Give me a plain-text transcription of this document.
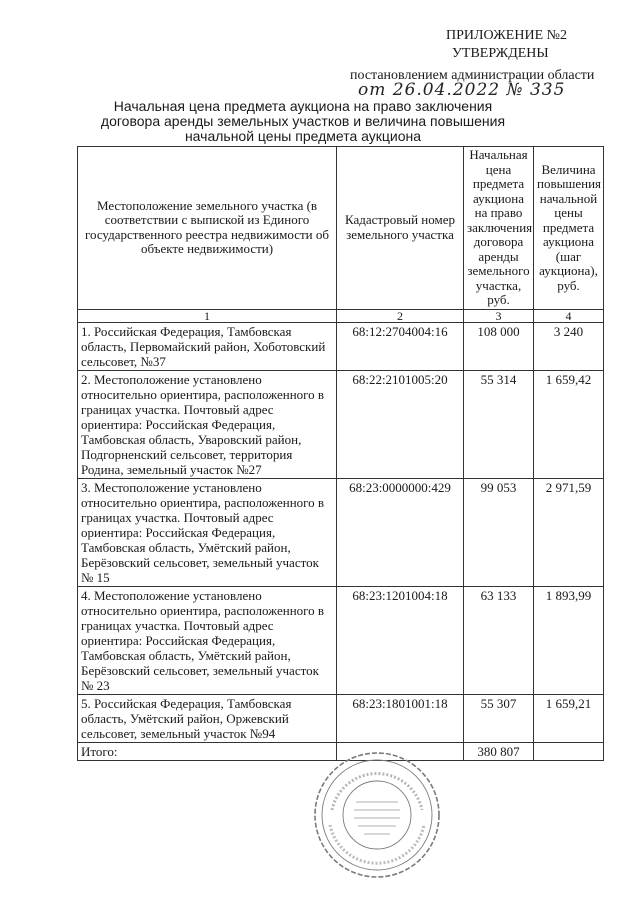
ПРИЛОЖЕНИЕ №2
УТВЕРЖДЕНЫ
постановлением администрации области
от 26.04.2022 № 335
Начальная цена предмета аукциона на право заключения договора аренды земельных участков и величина повышения начальной цены предмета аукциона
Местоположение земельного участка (в соответствии с выпиской из Единого государственного реестра недвижимости об объекте недвижимости)	Кадастровый номер земельного участка	Начальная цена предмета аукциона на право заключения договора аренды земельного участка, руб.	Величина повышения начальной цены предмета аукциона (шаг аукциона), руб.
1	2	3	4
1. Российская Федерация, Тамбовская область, Первомайский район, Хоботовский сельсовет, №37	68:12:2704004:16	108 000	3 240
2. Местоположение установлено относительно ориентира, расположенного в границах участка. Почтовый адрес ориентира: Российская Федерация, Тамбовская область, Уваровский район, Подгорненский сельсовет, территория Родина, земельный участок №27	68:22:2101005:20	55 314	1 659,42
3. Местоположение установлено относительно ориентира, расположенного в границах участка. Почтовый адрес ориентира: Российская Федерация, Тамбовская область, Умётский район, Берёзовский сельсовет, земельный участок № 15	68:23:0000000:429	99 053	2 971,59
4. Местоположение установлено относительно ориентира, расположенного в границах участка. Почтовый адрес ориентира: Российская Федерация, Тамбовская область, Умётский район, Берёзовский сельсовет, земельный участок № 23	68:23:1201004:18	63 133	1 893,99
5. Российская Федерация, Тамбовская область, Умётский район, Оржевский сельсовет, земельный участок №94	68:23:1801001:18	55 307	1 659,21
Итого:		380 807	
